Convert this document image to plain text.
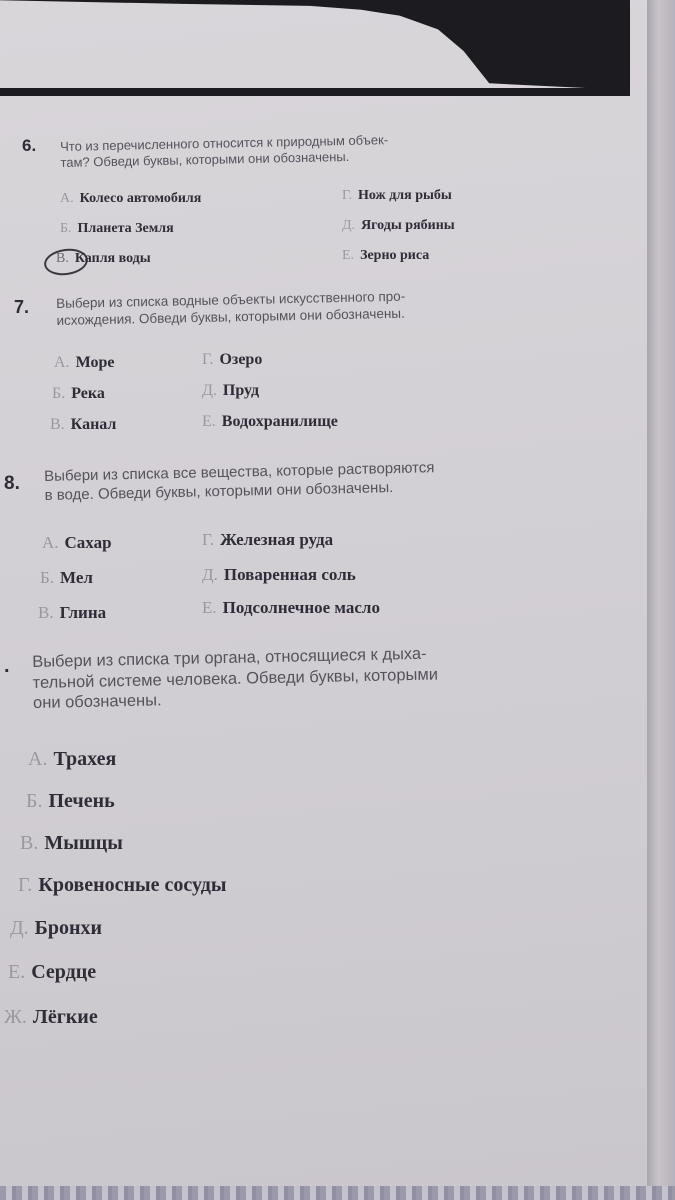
6. Что из перечисленного относится к природным объек-
там? Обведи буквы, которыми они обозначены.
А. Колесо автомобиля
Б. Планета Земля
В. Капля воды
Г. Нож для рыбы
Д. Ягоды рябины
Е. Зерно риса
7. Выбери из списка водные объекты искусственного про-
исхождения. Обведи буквы, которыми они обозначены.
А. Море
Б. Река
В. Канал
Г. Озеро
Д. Пруд
Е. Водохранилище
8. Выбери из списка все вещества, которые растворяются
в воде. Обведи буквы, которыми они обозначены.
А. Сахар
Б. Мел
В. Глина
Г. Железная руда
Д. Поваренная соль
Е. Подсолнечное масло
. Выбери из списка три органа, относящиеся к дыха-
тельной системе человека. Обведи буквы, которыми
они обозначены.
А. Трахея
Б. Печень
В. Мышцы
Г. Кровеносные сосуды
Д. Бронхи
Е. Сердце
Ж. Лёгкие
